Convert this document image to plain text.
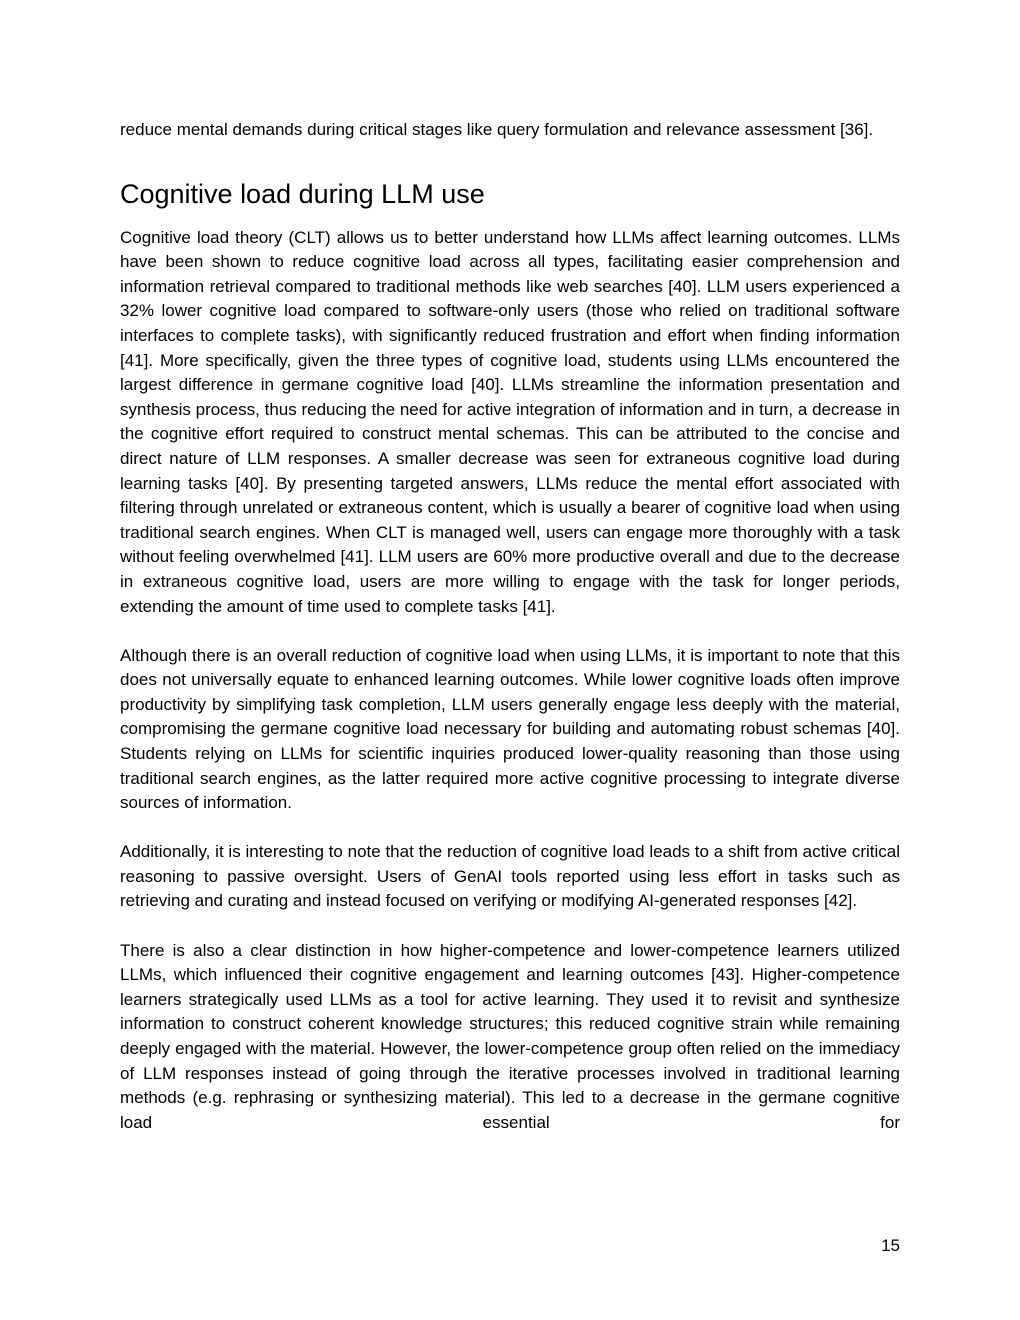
reduce mental demands during critical stages like query formulation and relevance assessment [36].

Cognitive load during LLM use

Cognitive load theory (CLT) allows us to better understand how LLMs affect learning outcomes. LLMs have been shown to reduce cognitive load across all types, facilitating easier comprehension and information retrieval compared to traditional methods like web searches [40]. LLM users experienced a 32% lower cognitive load compared to software-only users (those who relied on traditional software interfaces to complete tasks), with significantly reduced frustration and effort when finding information [41]. More specifically, given the three types of cognitive load, students using LLMs encountered the largest difference in germane cognitive load [40]. LLMs streamline the information presentation and synthesis process, thus reducing the need for active integration of information and in turn, a decrease in the cognitive effort required to construct mental schemas. This can be attributed to the concise and direct nature of LLM responses. A smaller decrease was seen for extraneous cognitive load during learning tasks [40]. By presenting targeted answers, LLMs reduce the mental effort associated with filtering through unrelated or extraneous content, which is usually a bearer of cognitive load when using traditional search engines. When CLT is managed well, users can engage more thoroughly with a task without feeling overwhelmed [41]. LLM users are 60% more productive overall and due to the decrease in extraneous cognitive load, users are more willing to engage with the task for longer periods, extending the amount of time used to complete tasks [41].

Although there is an overall reduction of cognitive load when using LLMs, it is important to note that this does not universally equate to enhanced learning outcomes. While lower cognitive loads often improve productivity by simplifying task completion, LLM users generally engage less deeply with the material, compromising the germane cognitive load necessary for building and automating robust schemas [40]. Students relying on LLMs for scientific inquiries produced lower-quality reasoning than those using traditional search engines, as the latter required more active cognitive processing to integrate diverse sources of information.

Additionally, it is interesting to note that the reduction of cognitive load leads to a shift from active critical reasoning to passive oversight. Users of GenAI tools reported using less effort in tasks such as retrieving and curating and instead focused on verifying or modifying AI-generated responses [42].

There is also a clear distinction in how higher-competence and lower-competence learners utilized LLMs, which influenced their cognitive engagement and learning outcomes [43]. Higher-competence learners strategically used LLMs as a tool for active learning. They used it to revisit and synthesize information to construct coherent knowledge structures; this reduced cognitive strain while remaining deeply engaged with the material. However, the lower-competence group often relied on the immediacy of LLM responses instead of going through the iterative processes involved in traditional learning methods (e.g. rephrasing or synthesizing material). This led to a decrease in the germane cognitive load essential for

15
